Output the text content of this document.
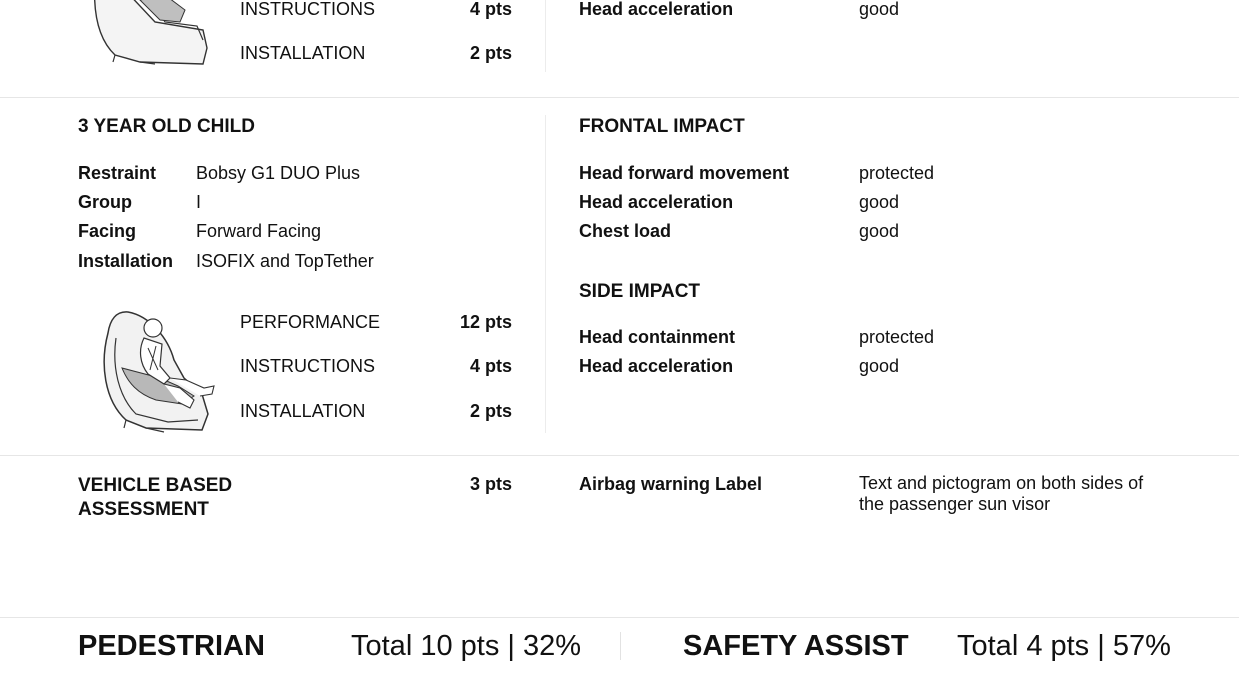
INSTRUCTIONS	4 pts
INSTALLATION	2 pts
Head acceleration	good
3 YEAR OLD CHILD
Restraint Bobsy G1 DUO Plus
Group	I
Facing	Forward Facing
Installation ISOFIX and TopTether
PERFORMANCE	12 pts
INSTRUCTIONS	4 pts
INSTALLATION	2 pts
FRONTAL IMPACT
Head forward movement	protected
Head acceleration	good
Chest load	good
SIDE IMPACT
Head containment	protected
Head acceleration	good
VEHICLE BASED
ASSESSMENT
3 pts	Airbag warning Label	Text and pictogram on both sides of
the passenger sun visor
PEDESTRIAN	Total 10 pts | 32%	SAFETY ASSIST Total 4 pts | 57%
